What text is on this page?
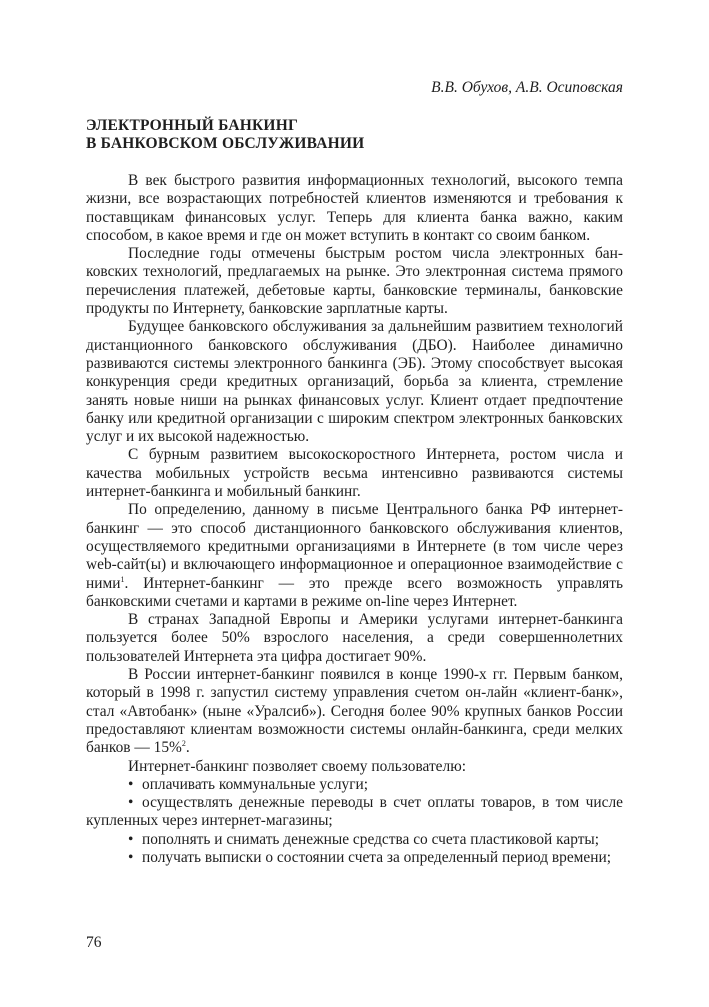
В.В. Обухов, А.В. Осиповская
ЭЛЕКТРОННЫЙ БАНКИНГ
В БАНКОВСКОМ ОБСЛУЖИВАНИИ

В век быстрого развития информационных технологий, высокого темпа жизни, все возрастающих потребностей клиентов изменяются и требования к поставщикам финансовых услуг. Теперь для клиента банка важно, каким способом, в какое время и где он может вступить в контакт со своим банком.

Последние годы отмечены быстрым ростом числа электронных банковских технологий, предлагаемых на рынке. Это электронная система прямого перечисления платежей, дебетовые карты, банковские терминалы, банковские продукты по Интернету, банковские зарплатные карты.

Будущее банковского обслуживания за дальнейшим развитием технологий дистанционного банковского обслуживания (ДБО). Наиболее динамично развиваются системы электронного банкинга (ЭБ). Этому способствует высокая конкуренция среди кредитных организаций, борьба за клиента, стремление занять новые ниши на рынках финансовых услуг. Клиент отдает предпочтение банку или кредитной организации с широким спектром электронных банковских услуг и их высокой надежностью.

С бурным развитием высокоскоростного Интернета, ростом числа и качества мобильных устройств весьма интенсивно развиваются системы интернет-банкинга и мобильный банкинг.

По определению, данному в письме Центрального банка РФ интернет-банкинг — это способ дистанционного банковского обслуживания клиентов, осуществляемого кредитными организациями в Интернете (в том числе через web-сайт(ы) и включающего информационное и операционное взаимодействие с ними$^1$. Интернет-банкинг — это прежде всего возможность управлять банковскими счетами и картами в режиме on-line через Интернет.

В странах Западной Европы и Америки услугами интернет-банкинга пользуется более 50% взрослого населения, а среди совершеннолетних пользователей Интернета эта цифра достигает 90%.

В России интернет-банкинг появился в конце 1990-х гг. Первым банком, который в 1998 г. запустил систему управления счетом он-лайн «клиент-банк», стал «Автобанк» (ныне «Уралсиб»). Сегодня более 90% крупных банков России предоставляют клиентам возможности системы онлайн-банкинга, среди мелких банков — 15%$^2$.

Интернет-банкинг позволяет своему пользователю:

• оплачивать коммунальные услуги;

• осуществлять денежные переводы в счет оплаты товаров, в том числе купленных через интернет-магазины;

• пополнять и снимать денежные средства со счета пластиковой карты;

• получать выписки о состоянии счета за определенный период времени;

76
